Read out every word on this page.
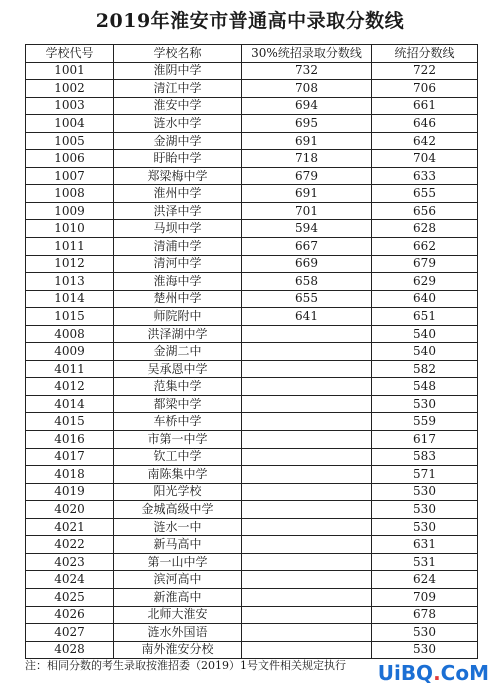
2019年淮安市普通高中录取分数线
学校代号	学校名称	30%统招录取分数线	统招分数线
1001	淮阴中学	732	722
1002	清江中学	708	706
1003	淮安中学	694	661
1004	涟水中学	695	646
1005	金湖中学	691	642
1006	盱眙中学	718	704
1007	郑梁梅中学	679	633
1008	淮州中学	691	655
1009	洪泽中学	701	656
1010	马坝中学	594	628
1011	清浦中学	667	662
1012	清河中学	669	679
1013	淮海中学	658	629
1014	楚州中学	655	640
1015	师院附中	641	651
4008	洪泽湖中学		540
4009	金湖二中		540
4011	吴承恩中学		582
4012	范集中学		548
4014	都梁中学		530
4015	车桥中学		559
4016	市第一中学		617
4017	钦工中学		583
4018	南陈集中学		571
4019	阳光学校		530
4020	金城高级中学		530
4021	涟水一中		530
4022	新马高中		631
4023	第一山中学		531
4024	滨河高中		624
4025	新淮高中		709
4026	北师大淮安		678
4027	涟水外国语		530
4028	南外淮安分校		530
注：相同分数的考生录取按淮招委（2019）1号文件相关规定执行 UiBQ.CoM
